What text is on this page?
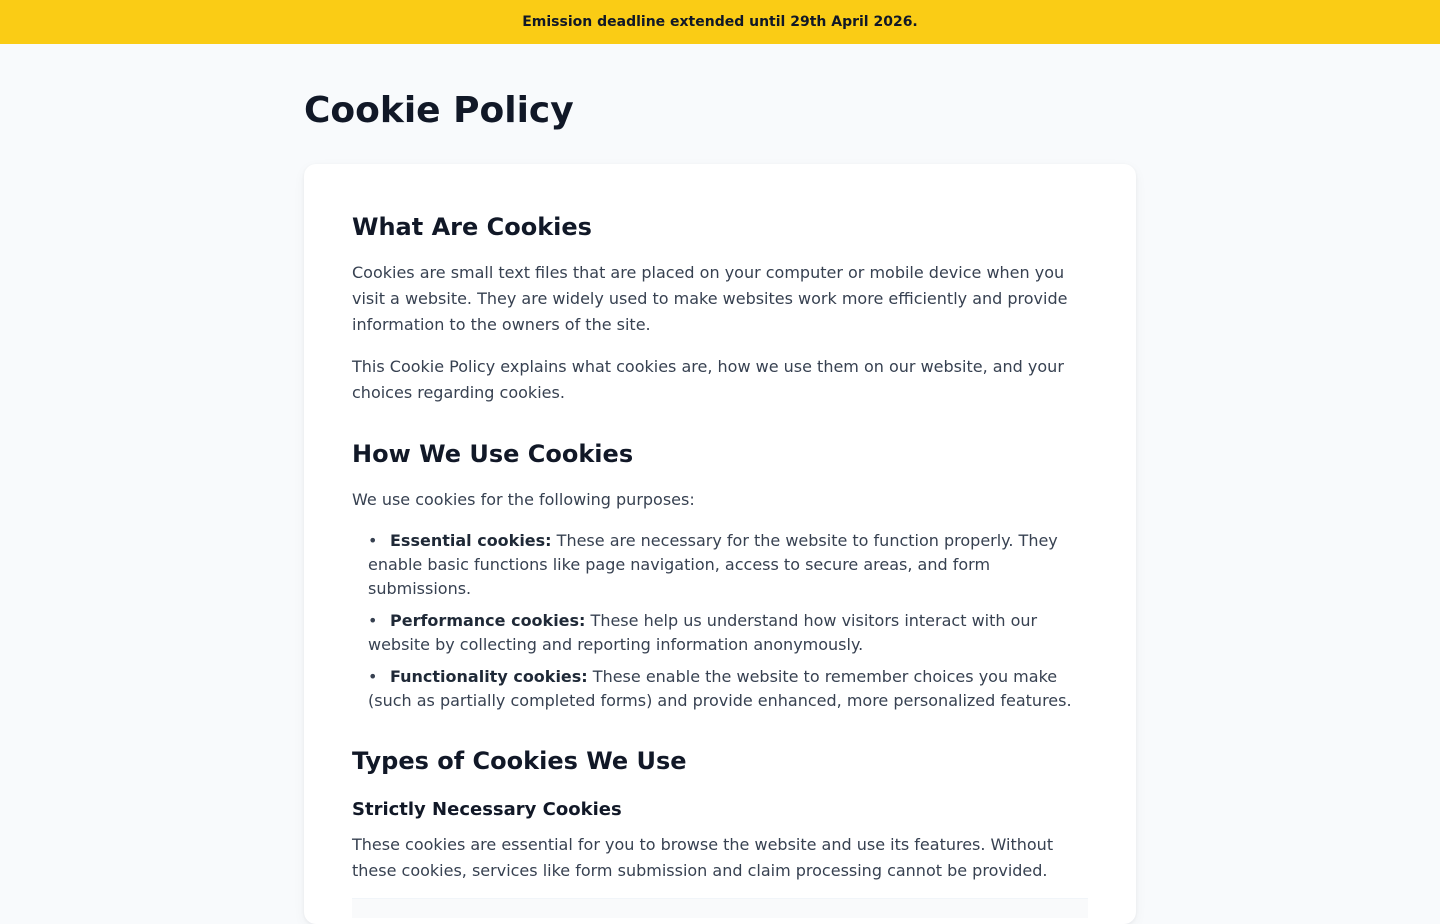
Emission deadline extended until 29th April 2026.
Cookie Policy
What Are Cookies

Cookies are small text files that are placed on your computer or mobile device when you visit a website. They are widely used to make websites work more efficiently and provide information to the owners of the site.

This Cookie Policy explains what cookies are, how we use them on our website, and your choices regarding cookies.

How We Use Cookies

We use cookies for the following purposes:

• Essential cookies: These are necessary for the website to function properly. They enable basic functions like page navigation, access to secure areas, and form submissions.
• Performance cookies: These help us understand how visitors interact with our website by collecting and reporting information anonymously.
• Functionality cookies: These enable the website to remember choices you make (such as partially completed forms) and provide enhanced, more personalized features.
Types of Cookies We Use
Strictly Necessary Cookies

These cookies are essential for you to browse the website and use its features. Without these cookies, services like form submission and claim processing cannot be provided.
